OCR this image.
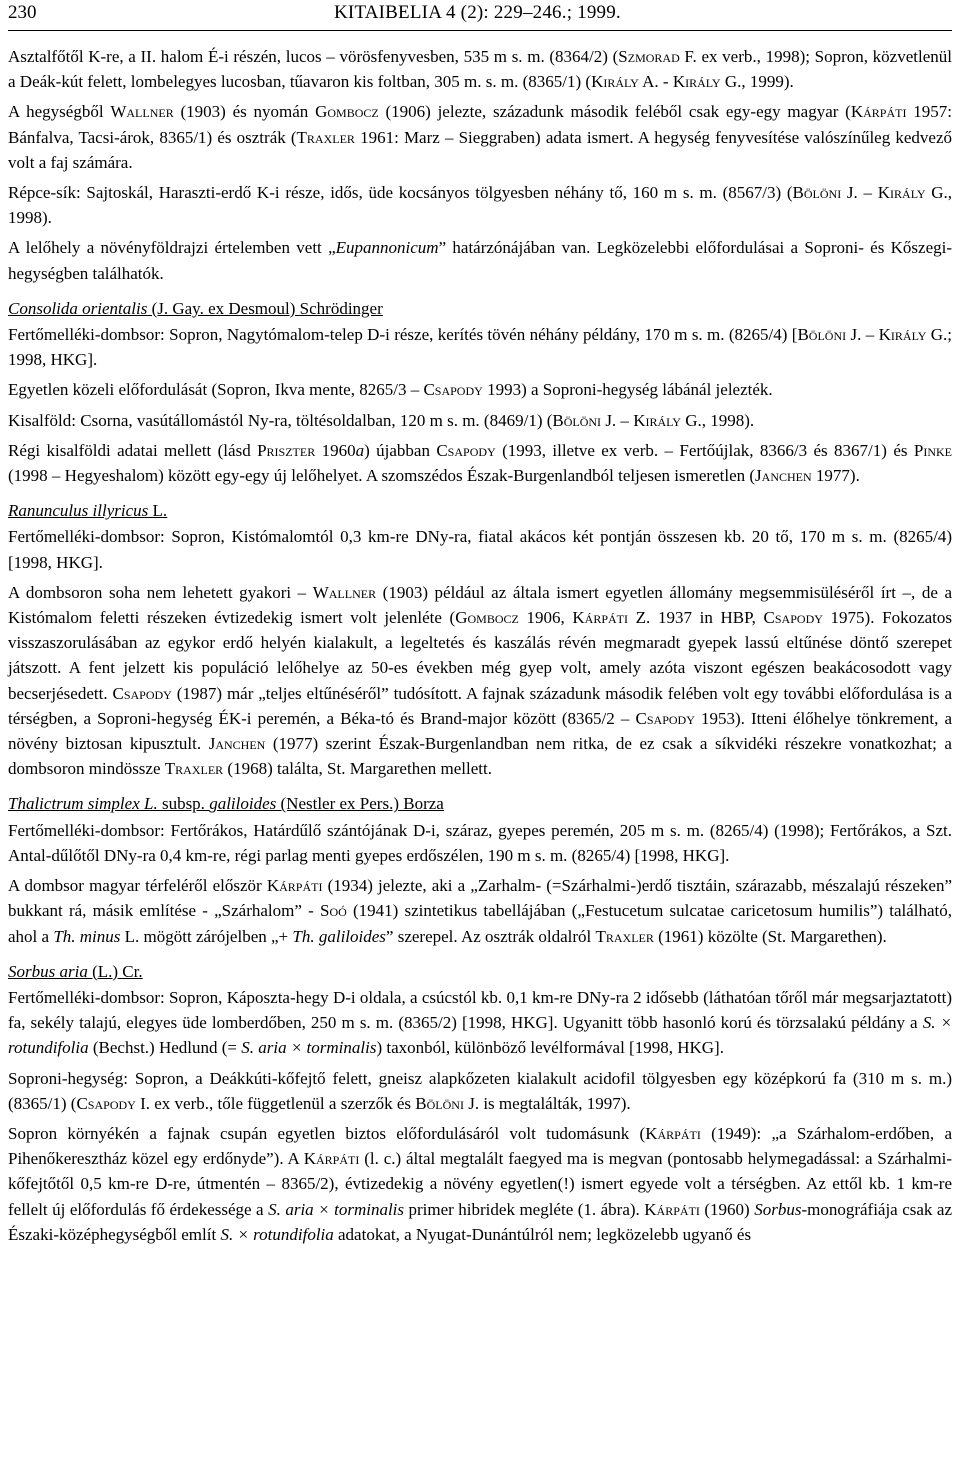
230	KITAIBELIA 4 (2): 229–246.; 1999.

Asztalfőtől K-re, a II. halom É-i részén, lucos – vörösfenyvesben, 535 m s. m. (8364/2) (Szmorad F. ex verb., 1998); Sopron, közvetlenül a Deák-kút felett, lombelegyes lucosban, tűavaron kis foltban, 305 m. s. m. (8365/1) (Király A. - Király G., 1999).

A hegységből Wallner (1903) és nyomán Gombocz (1906) jelezte, századunk második feléből csak egy-egy magyar (Kárpáti 1957: Bánfalva, Tacsi-árok, 8365/1) és osztrák (Traxler 1961: Marz – Sieggraben) adata ismert. A hegység fenyvesítése valószínűleg kedvező volt a faj számára.

Répce-sík: Sajtoskál, Haraszti-erdő K-i része, idős, üde kocsányos tölgyesben néhány tő, 160 m s. m. (8567/3) (Bölöni J. – Király G., 1998).

A lelőhely a növényföldrajzi értelemben vett „Eupannonicum” határzónájában van. Legközelebbi előfordulásai a Soproni- és Kőszegi-hegységben találhatók.

Consolida orientalis (J. Gay. ex Desmoul) Schrödinger

Fertőmelléki-dombsor: Sopron, Nagytómalom-telep D-i része, kerítés tövén néhány példány, 170 m s. m. (8265/4) [Bölöni J. – Király G.; 1998, HKG].

Egyetlen közeli előfordulását (Sopron, Ikva mente, 8265/3 – Csapody 1993) a Soproni-hegység lábánál jelezték.

Kisalföld: Csorna, vasútállomástól Ny-ra, töltésoldalban, 120 m s. m. (8469/1) (Bölöni J. – Király G., 1998).

Régi kisalföldi adatai mellett (lásd Priszter 1960a) újabban Csapody (1993, illetve ex verb. – Fertőújlak, 8366/3 és 8367/1) és Pinke (1998 – Hegyeshalom) között egy-egy új lelőhelyet. A szomszédos Észak-Burgenlandból teljesen ismeretlen (Janchen 1977).

Ranunculus illyricus L.

Fertőmelléki-dombsor: Sopron, Kistómalomtól 0,3 km-re DNy-ra, fiatal akácos két pontján összesen kb. 20 tő, 170 m s. m. (8265/4) [1998, HKG].

A dombsoron soha nem lehetett gyakori – Wallner (1903) például az általa ismert egyetlen állomány megsemmisüléséről írt –, de a Kistómalom feletti részeken évtizedekig ismert volt jelenléte (Gombocz 1906, Kárpáti Z. 1937 in HBP, Csapody 1975). Fokozatos visszaszorulásában az egykor erdő helyén kialakult, a legeltetés és kaszálás révén megmaradt gyepek lassú eltűnése döntő szerepet játszott. A fent jelzett kis populáció lelőhelye az 50-es években még gyep volt, amely azóta viszont egészen beakácosodott vagy becserjésedett. Csapody (1987) már „teljes eltűnéséről” tudósított. A fajnak századunk második felében volt egy további előfordulása is a térségben, a Soproni-hegység ÉK-i peremén, a Béka-tó és Brand-major között (8365/2 – Csapody 1953). Itteni élőhelye tönkrement, a növény biztosan kipusztult. Janchen (1977) szerint Észak-Burgenlandban nem ritka, de ez csak a síkvidéki részekre vonatkozhat; a dombsoron mindössze Traxler (1968) találta, St. Margarethen mellett.

Thalictrum simplex L. subsp. galiloides (Nestler ex Pers.) Borza

Fertőmelléki-dombsor: Fertőrákos, Határdűlő szántójának D-i, száraz, gyepes peremén, 205 m s. m. (8265/4) (1998); Fertőrákos, a Szt. Antal-dűlőtől DNy-ra 0,4 km-re, régi parlag menti gyepes erdőszélen, 190 m s. m. (8265/4) [1998, HKG].

A dombsor magyar térfeléről először Kárpáti (1934) jelezte, aki a „Zarhalm- (=Szárhalmi-)erdő tisztáin, szárazabb, mészalajú részeken” bukkant rá, másik említése - „Szárhalom” - Soó (1941) szintetikus tabellájában („Festucetum sulcatae caricetosum humilis”) található, ahol a Th. minus L. mögött zárójelben „+ Th. galiloides” szerepel. Az osztrák oldalról Traxler (1961) közölte (St. Margarethen).

Sorbus aria (L.) Cr.

Fertőmelléki-dombsor: Sopron, Káposzta-hegy D-i oldala, a csúcstól kb. 0,1 km-re DNy-ra 2 idősebb (láthatóan tőről már megsarjaztatott) fa, sekély talajú, elegyes üde lomberdőben, 250 m s. m. (8365/2) [1998, HKG]. Ugyanitt több hasonló korú és törzsalakú példány a S. × rotundifolia (Bechst.) Hedlund (= S. aria × torminalis) taxonból, különböző levélformával [1998, HKG].

Soproni-hegység: Sopron, a Deákkúti-kőfejtő felett, gneisz alapkőzeten kialakult acidofil tölgyesben egy középkorú fa (310 m s. m.) (8365/1) (Csapody I. ex verb., tőle függetlenül a szerzők és Bölöni J. is megtalálták, 1997).

Sopron környékén a fajnak csupán egyetlen biztos előfordulásáról volt tudomásunk (Kárpáti (1949): „a Szárhalom-erdőben, a Pihenőkeresztház közel egy erdőnyde”). A Kárpáti (l. c.) által megtalált faegyed ma is megvan (pontosabb helymegadással: a Szárhalmi-kőfejtőtől 0,5 km-re D-re, útmentén – 8365/2), évtizedekig a növény egyetlen(!) ismert egyede volt a térségben. Az ettől kb. 1 km-re fellelt új előfordulás fő érdekessége a S. aria × torminalis primer hibridek megléte (1. ábra). Kárpáti (1960) Sorbus-monográfiája csak az Északi-középhegységből említ S. × rotundifolia adatokat, a Nyugat-Dunántúlról nem; legközelebb ugyanő és
